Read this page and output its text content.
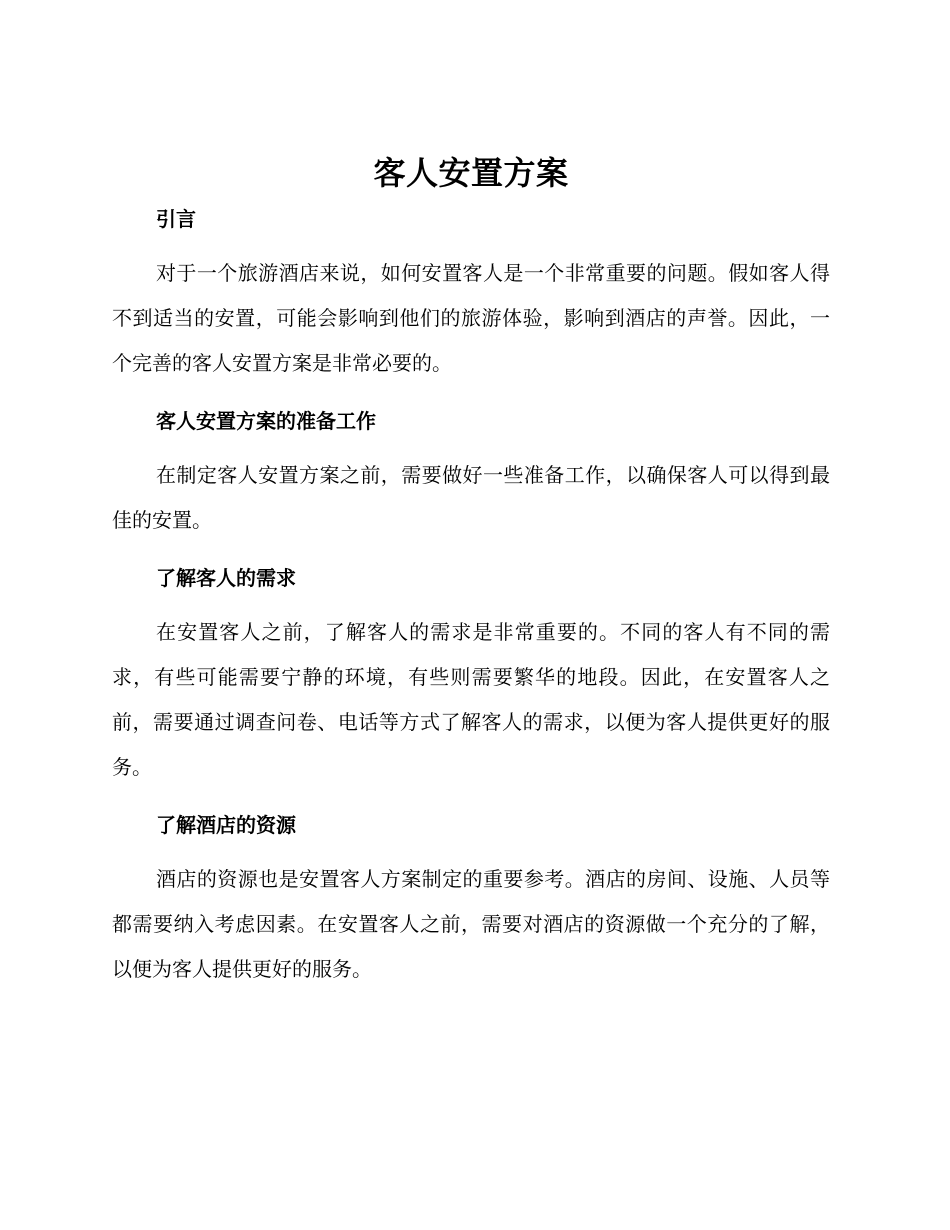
客人安置方案
引言

对于一个旅游酒店来说，如何安置客人是一个非常重要的问题。假如客人得不到适当的安置，可能会影响到他们的旅游体验，影响到酒店的声誉。因此，一个完善的客人安置方案是非常必要的。

客人安置方案的准备工作

在制定客人安置方案之前，需要做好一些准备工作，以确保客人可以得到最佳的安置。

了解客人的需求

在安置客人之前，了解客人的需求是非常重要的。不同的客人有不同的需求，有些可能需要宁静的环境，有些则需要繁华的地段。因此，在安置客人之前，需要通过调查问卷、电话等方式了解客人的需求，以便为客人提供更好的服务。

了解酒店的资源

酒店的资源也是安置客人方案制定的重要参考。酒店的房间、设施、人员等都需要纳入考虑因素。在安置客人之前，需要对酒店的资源做一个充分的了解，以便为客人提供更好的服务。
